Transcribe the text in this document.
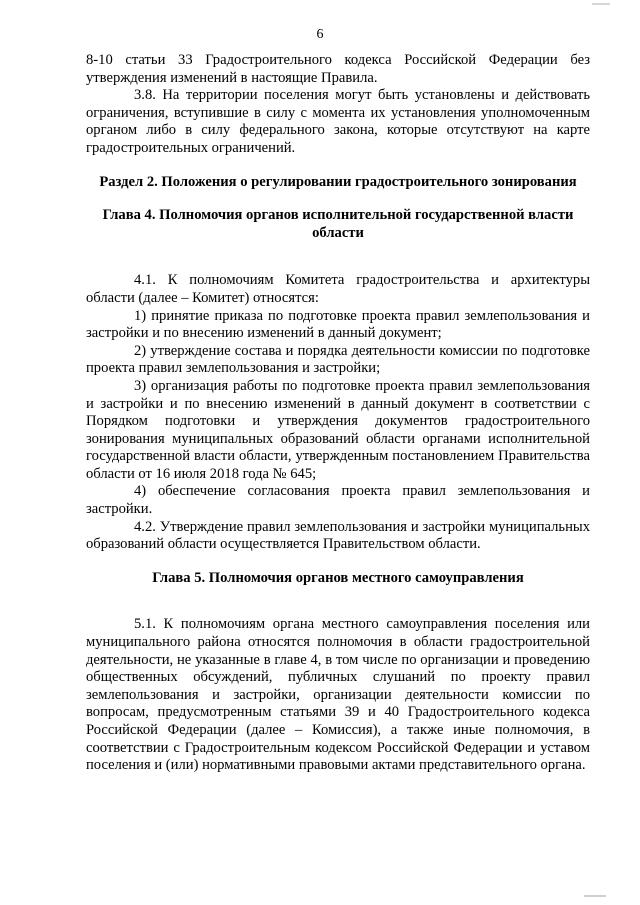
6

8-10 статьи 33 Градостроительного кодекса Российской Федерации без утверждения изменений в настоящие Правила.

3.8. На территории поселения могут быть установлены и действовать ограничения, вступившие в силу с момента их установления уполномоченным органом либо в силу федерального закона, которые отсутствуют на карте градостроительных ограничений.

Раздел 2. Положения о регулировании градостроительного зонирования

Глава 4. Полномочия органов исполнительной государственной власти области

4.1. К полномочиям Комитета градостроительства и архитектуры области (далее – Комитет) относятся:

1) принятие приказа по подготовке проекта правил землепользования и застройки и по внесению изменений в данный документ;

2) утверждение состава и порядка деятельности комиссии по подготовке проекта правил землепользования и застройки;

3) организация работы по подготовке проекта правил землепользования и застройки и по внесению изменений в данный документ в соответствии с Порядком подготовки и утверждения документов градостроительного зонирования муниципальных образований области органами исполнительной государственной власти области, утвержденным постановлением Правительства области от 16 июля 2018 года № 645;

4) обеспечение согласования проекта правил землепользования и застройки.

4.2. Утверждение правил землепользования и застройки муниципальных образований области осуществляется Правительством области.

Глава 5. Полномочия органов местного самоуправления

5.1. К полномочиям органа местного самоуправления поселения или муниципального района относятся полномочия в области градостроительной деятельности, не указанные в главе 4, в том числе по организации и проведению общественных обсуждений, публичных слушаний по проекту правил землепользования и застройки, организации деятельности комиссии по вопросам, предусмотренным статьями 39 и 40 Градостроительного кодекса Российской Федерации (далее – Комиссия), а также иные полномочия, в соответствии с Градостроительным кодексом Российской Федерации и уставом поселения и (или) нормативными правовыми актами представительного органа.
